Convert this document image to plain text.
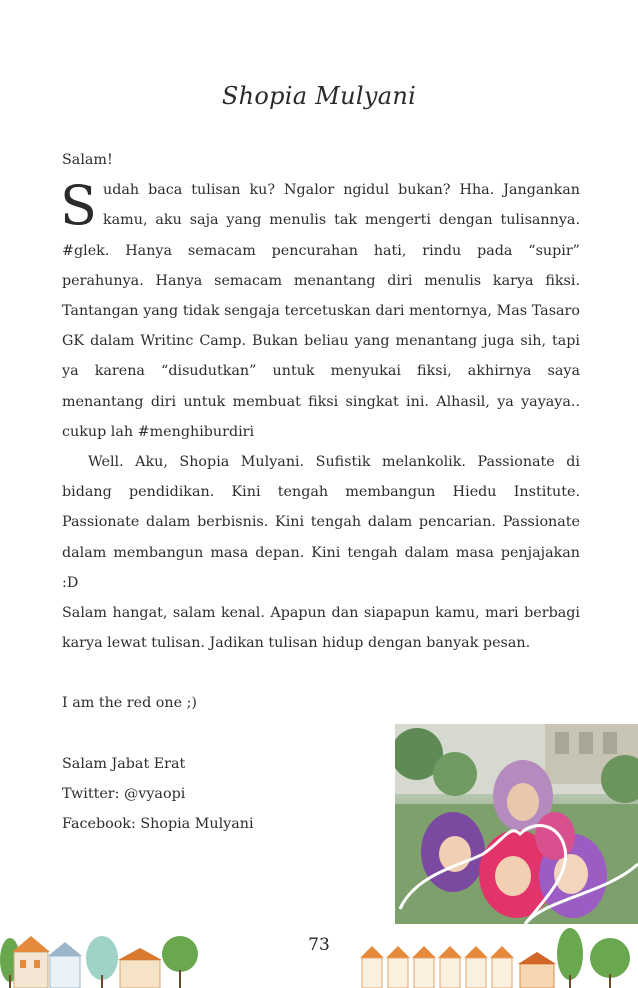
Shopia Mulyani

Salam!

Sudah baca tulisan ku? Ngalor ngidul bukan? Hha. Jangankan kamu, aku saja yang menulis tak mengerti dengan tulisannya. #glek. Hanya semacam pencurahan hati, rindu pada “supir” perahunya. Hanya semacam menantang diri menulis karya fiksi. Tantangan yang tidak sengaja tercetuskan dari mentornya, Mas Tasaro GK dalam Writinc Camp. Bukan beliau yang menantang juga sih, tapi ya karena “disudutkan” untuk menyukai fiksi, akhirnya saya menantang diri untuk membuat fiksi singkat ini. Alhasil, ya yayaya.. cukup lah #menghiburdiri

Well. Aku, Shopia Mulyani. Sufistik melankolik. Passionate di bidang pendidikan. Kini tengah membangun Hiedu Institute. Passionate dalam berbisnis. Kini tengah dalam pencarian. Passionate dalam membangun masa depan. Kini tengah dalam masa penjajakan :D

Salam hangat, salam kenal. Apapun dan siapapun kamu, mari berbagi karya lewat tulisan. Jadikan tulisan hidup dengan banyak pesan.

I am the red one ;)

Salam Jabat Erat

Twitter: @vyaopi

Facebook: Shopia Mulyani

73
